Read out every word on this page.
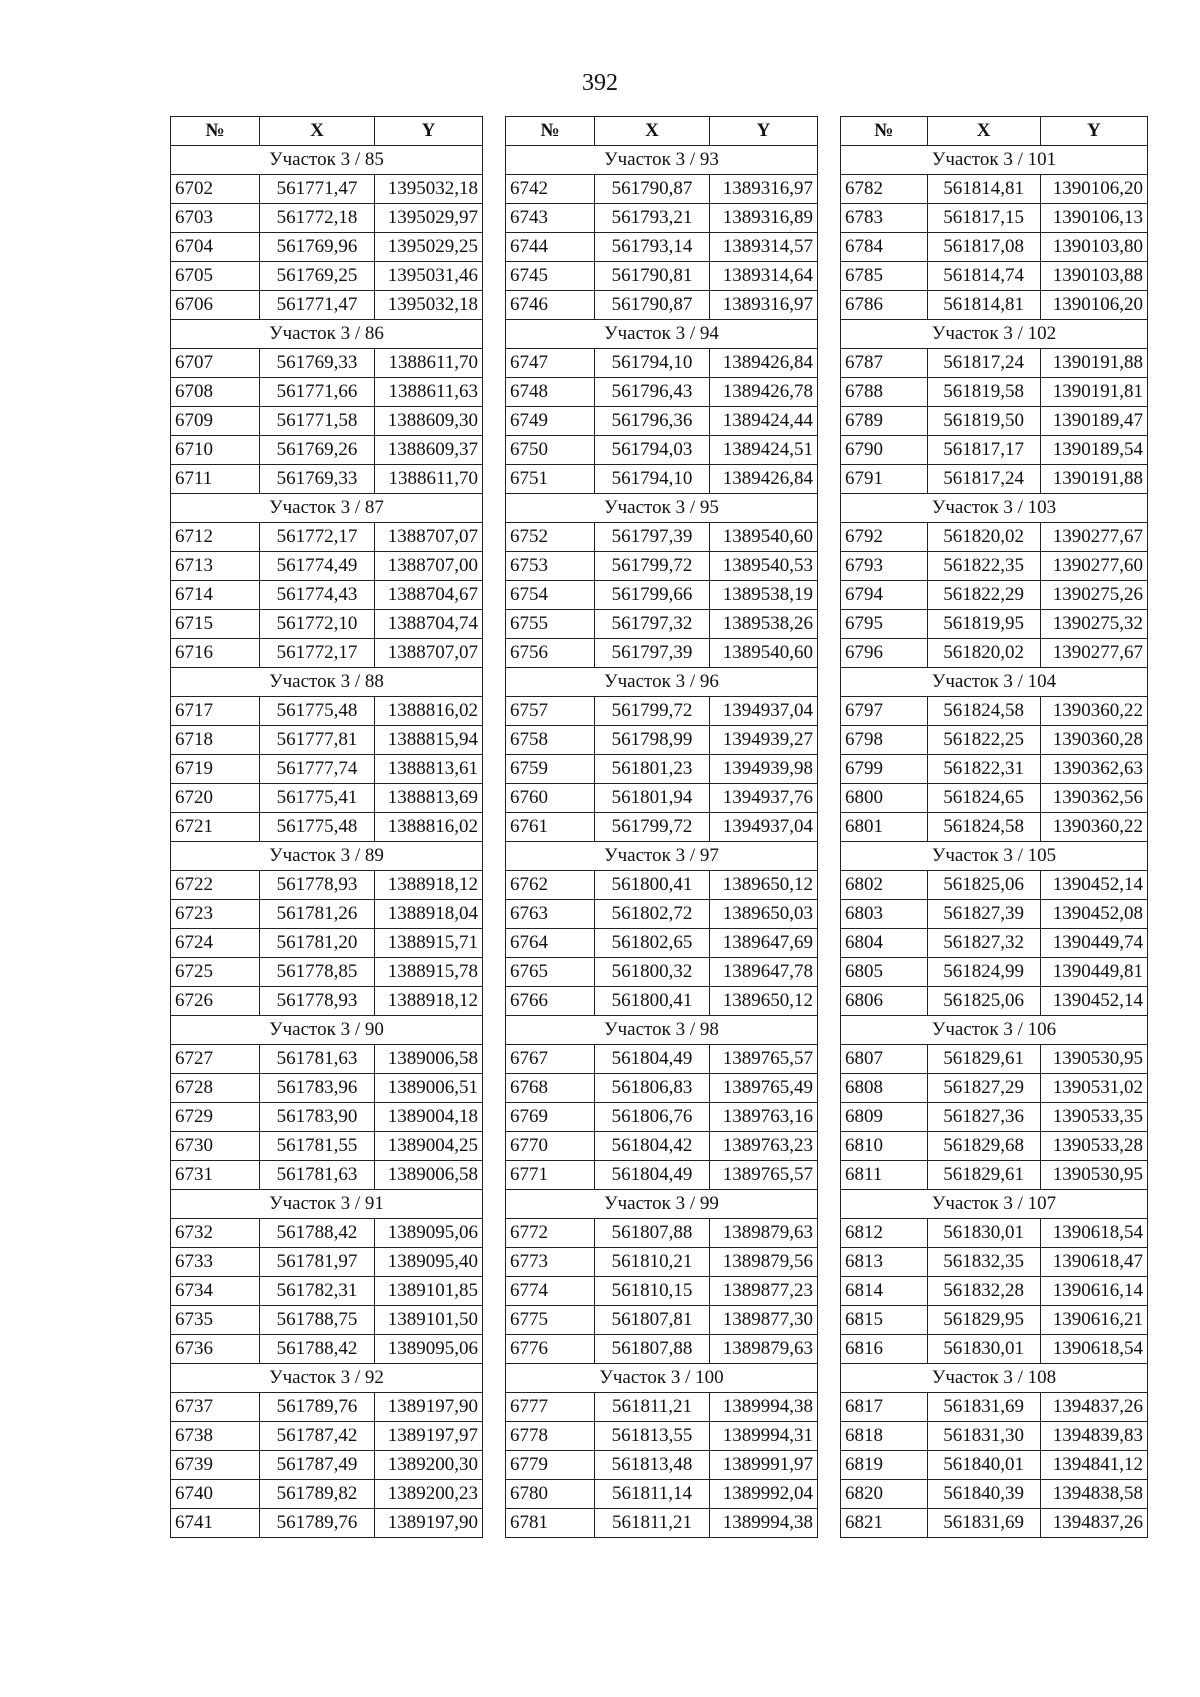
392
№	X	Y
Участок 3 / 85		
6702	561771,47	1395032,18
6703	561772,18	1395029,97
6704	561769,96	1395029,25
6705	561769,25	1395031,46
6706	561771,47	1395032,18
Участок 3 / 86		
6707	561769,33	1388611,70
6708	561771,66	1388611,63
6709	561771,58	1388609,30
6710	561769,26	1388609,37
6711	561769,33	1388611,70
Участок 3 / 87		
6712	561772,17	1388707,07
6713	561774,49	1388707,00
6714	561774,43	1388704,67
6715	561772,10	1388704,74
6716	561772,17	1388707,07
Участок 3 / 88		
6717	561775,48	1388816,02
6718	561777,81	1388815,94
6719	561777,74	1388813,61
6720	561775,41	1388813,69
6721	561775,48	1388816,02
Участок 3 / 89		
6722	561778,93	1388918,12
6723	561781,26	1388918,04
6724	561781,20	1388915,71
6725	561778,85	1388915,78
6726	561778,93	1388918,12
Участок 3 / 90		
6727	561781,63	1389006,58
6728	561783,96	1389006,51
6729	561783,90	1389004,18
6730	561781,55	1389004,25
6731	561781,63	1389006,58
Участок 3 / 91		
6732	561788,42	1389095,06
6733	561781,97	1389095,40
6734	561782,31	1389101,85
6735	561788,75	1389101,50
6736	561788,42	1389095,06
Участок 3 / 92		
6737	561789,76	1389197,90
6738	561787,42	1389197,97
6739	561787,49	1389200,30
6740	561789,82	1389200,23
6741	561789,76	1389197,90
№	X	Y
Участок 3 / 93		
6742	561790,87	1389316,97
6743	561793,21	1389316,89
6744	561793,14	1389314,57
6745	561790,81	1389314,64
6746	561790,87	1389316,97
Участок 3 / 94		
6747	561794,10	1389426,84
6748	561796,43	1389426,78
6749	561796,36	1389424,44
6750	561794,03	1389424,51
6751	561794,10	1389426,84
Участок 3 / 95		
6752	561797,39	1389540,60
6753	561799,72	1389540,53
6754	561799,66	1389538,19
6755	561797,32	1389538,26
6756	561797,39	1389540,60
Участок 3 / 96		
6757	561799,72	1394937,04
6758	561798,99	1394939,27
6759	561801,23	1394939,98
6760	561801,94	1394937,76
6761	561799,72	1394937,04
Участок 3 / 97		
6762	561800,41	1389650,12
6763	561802,72	1389650,03
6764	561802,65	1389647,69
6765	561800,32	1389647,78
6766	561800,41	1389650,12
Участок 3 / 98		
6767	561804,49	1389765,57
6768	561806,83	1389765,49
6769	561806,76	1389763,16
6770	561804,42	1389763,23
6771	561804,49	1389765,57
Участок 3 / 99		
6772	561807,88	1389879,63
6773	561810,21	1389879,56
6774	561810,15	1389877,23
6775	561807,81	1389877,30
6776	561807,88	1389879,63
Участок 3 / 100		
6777	561811,21	1389994,38
6778	561813,55	1389994,31
6779	561813,48	1389991,97
6780	561811,14	1389992,04
6781	561811,21	1389994,38
№	X	Y
Участок 3 / 101		
6782	561814,81	1390106,20
6783	561817,15	1390106,13
6784	561817,08	1390103,80
6785	561814,74	1390103,88
6786	561814,81	1390106,20
Участок 3 / 102		
6787	561817,24	1390191,88
6788	561819,58	1390191,81
6789	561819,50	1390189,47
6790	561817,17	1390189,54
6791	561817,24	1390191,88
Участок 3 / 103		
6792	561820,02	1390277,67
6793	561822,35	1390277,60
6794	561822,29	1390275,26
6795	561819,95	1390275,32
6796	561820,02	1390277,67
Участок 3 / 104		
6797	561824,58	1390360,22
6798	561822,25	1390360,28
6799	561822,31	1390362,63
6800	561824,65	1390362,56
6801	561824,58	1390360,22
Участок 3 / 105		
6802	561825,06	1390452,14
6803	561827,39	1390452,08
6804	561827,32	1390449,74
6805	561824,99	1390449,81
6806	561825,06	1390452,14
Участок 3 / 106		
6807	561829,61	1390530,95
6808	561827,29	1390531,02
6809	561827,36	1390533,35
6810	561829,68	1390533,28
6811	561829,61	1390530,95
Участок 3 / 107		
6812	561830,01	1390618,54
6813	561832,35	1390618,47
6814	561832,28	1390616,14
6815	561829,95	1390616,21
6816	561830,01	1390618,54
Участок 3 / 108		
6817	561831,69	1394837,26
6818	561831,30	1394839,83
6819	561840,01	1394841,12
6820	561840,39	1394838,58
6821	561831,69	1394837,26
